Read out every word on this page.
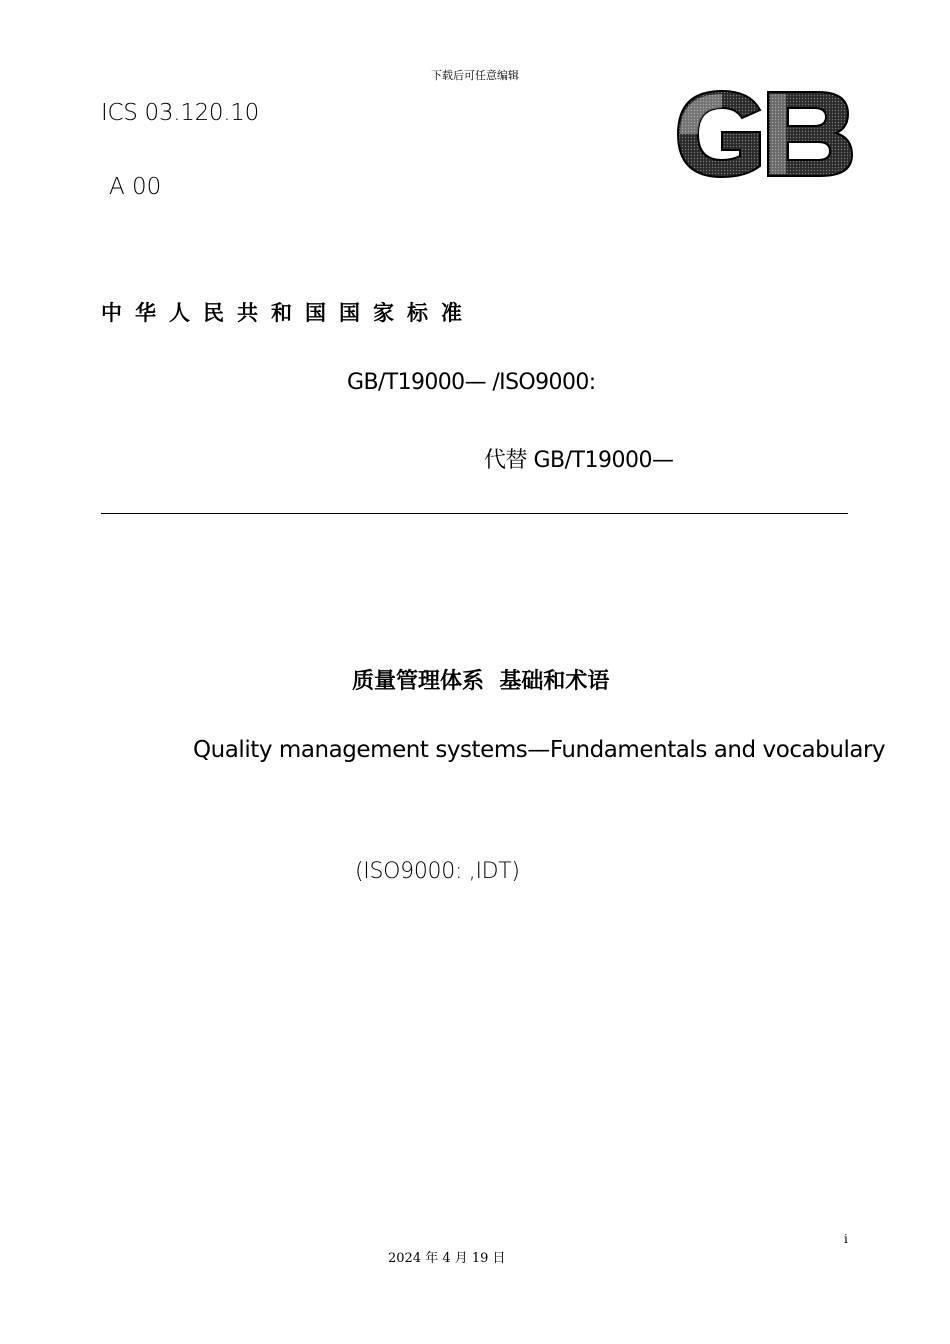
下载后可任意编辑
ICS 03.120.10
A 00
中华人民共和国国家标准
GB/T19000— /ISO9000:
代替 GB/T19000—
质量管理体系  基础和术语
Quality management systems—Fundamentals and vocabulary
(ISO9000: ,IDT)
i
2024 年 4 月 19 日
